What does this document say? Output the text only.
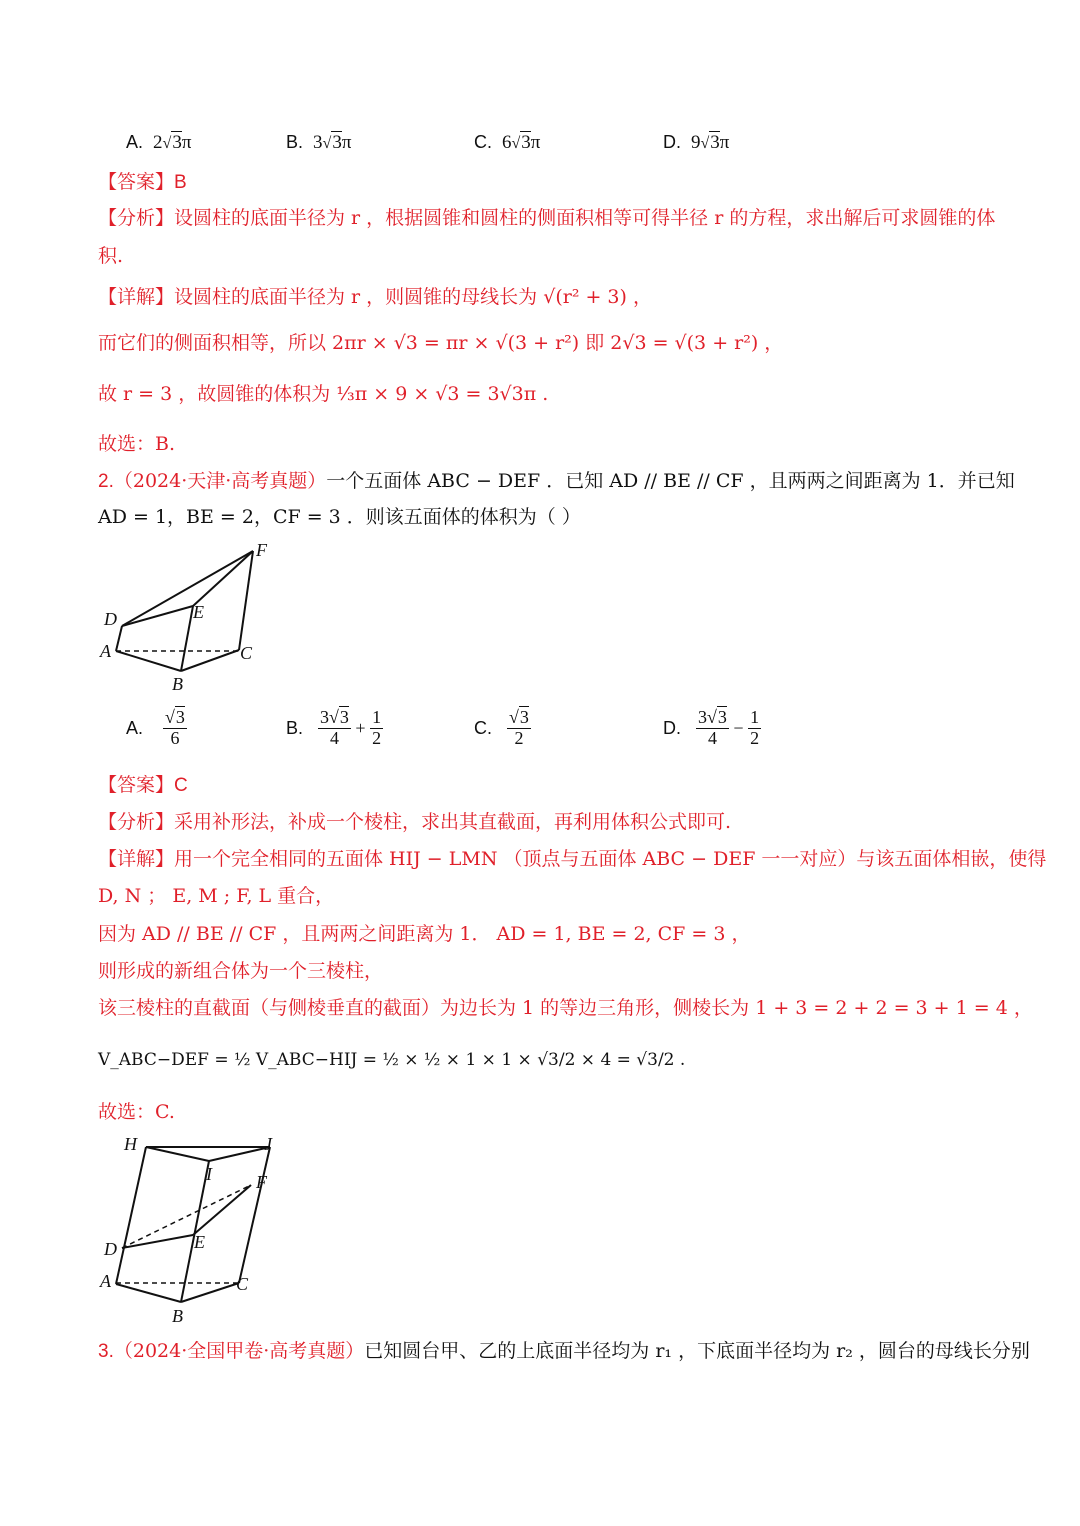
A. 2√3π	B. 3√3π	C. 6√3π	D. 9√3π
【答案】B
【分析】设圆柱的底面半径为 r ，根据圆锥和圆柱的侧面积相等可得半径 r 的方程，求出解后可求圆锥的体
积.
【详解】设圆柱的底面半径为 r ，则圆锥的母线长为 √(r² + 3) ，
而它们的侧面积相等，所以 2πr × √3 = πr × √(3 + r²) 即 2√3 = √(3 + r²) ，
故 r = 3 ，故圆锥的体积为 ⅓π × 9 × √3 = 3√3π .
故选：B.
2.（2024·天津·高考真题）一个五面体 ABC − DEF ．已知 AD // BE // CF ，且两两之间距离为 1．并已知
AD = 1，BE = 2，CF = 3 ．则该五面体的体积为（ ）
F
D	E
A	C
B
A. $\frac{√3}{6}$	B. $\frac{3√3}{4} + \frac{1}{2}$	C. $\frac{√3}{2}$	D. $\frac{3√3}{4} - \frac{1}{2}$
【答案】C
【分析】采用补形法，补成一个棱柱，求出其直截面，再利用体积公式即可.
【详解】用一个完全相同的五面体 HIJ − LMN （顶点与五面体 ABC − DEF 一一对应）与该五面体相嵌，使得
D, N ； E, M ; F, L 重合，
因为 AD // BE // CF ，且两两之间距离为 1． AD = 1, BE = 2, CF = 3 ，
则形成的新组合体为一个三棱柱，
该三棱柱的直截面（与侧棱垂直的截面）为边长为 1 的等边三角形，侧棱长为 1 + 3 = 2 + 2 = 3 + 1 = 4 ，
V_ABC−DEF = ½ V_ABC−HIJ = ½ × ½ × 1 × 1 × √3/2 × 4 = √3/2 .
故选：C.
H	J
I F
D	E
A	C
B
3.（2024·全国甲卷·高考真题）已知圆台甲、乙的上底面半径均为 r₁ ，下底面半径均为 r₂ ，圆台的母线长分别
